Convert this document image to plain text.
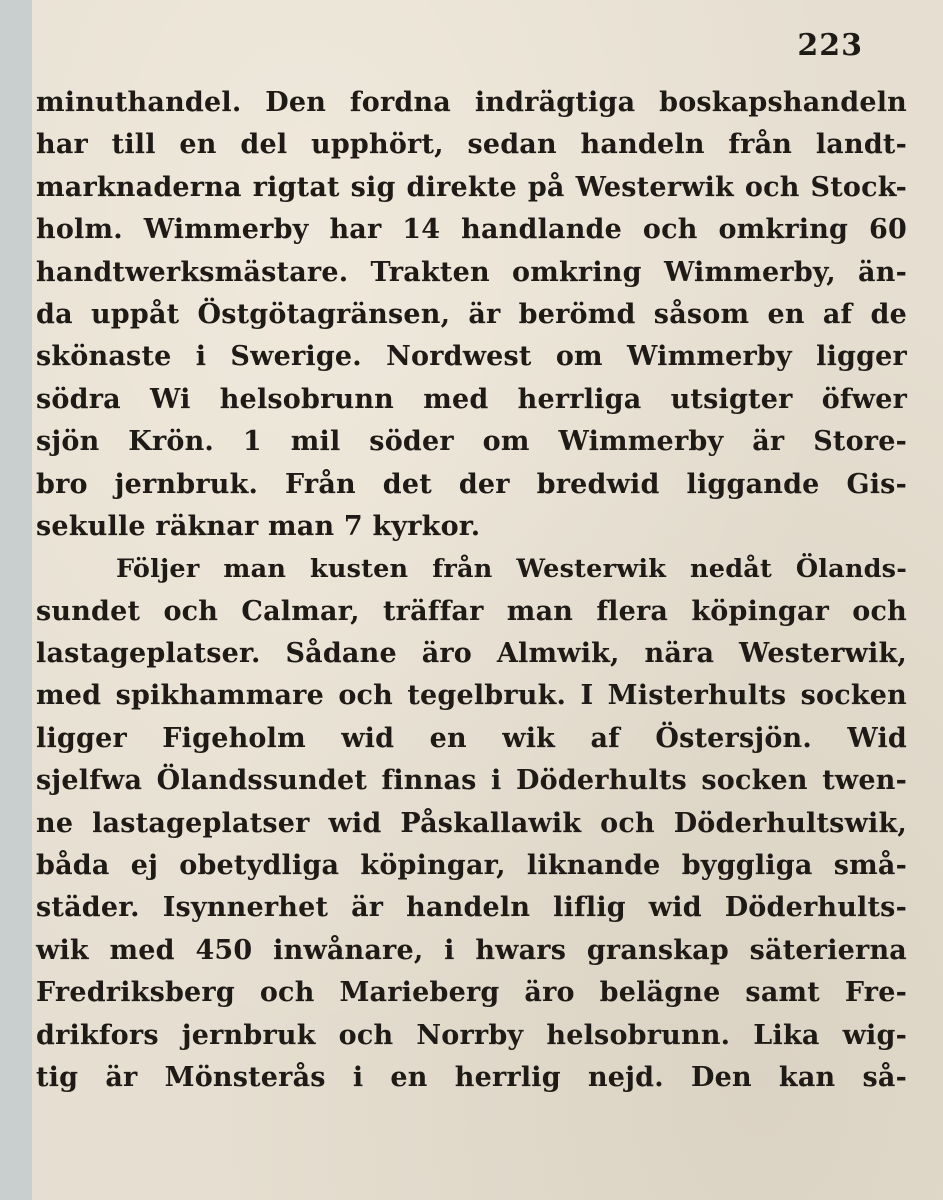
223
minuthandel. Den fordna indrägtiga boskapshandeln
har till en del upphört, sedan handeln från landt-
marknaderna rigtat sig direkte på Westerwik och Stock-
holm. Wimmerby har 14 handlande och omkring 60
handtwerksmästare. Trakten omkring Wimmerby, än-
da uppåt Östgötagränsen, är berömd såsom en af de
skönaste i Swerige. Nordwest om Wimmerby ligger
södra Wi helsobrunn med herrliga utsigter öfwer
sjön Krön. 1 mil söder om Wimmerby är Store-
bro jernbruk. Från det der bredwid liggande Gis-
sekulle räknar man 7 kyrkor.
Följer man kusten från Westerwik nedåt Ölands-
sundet och Calmar, träffar man flera köpingar och
lastageplatser. Sådane äro Almwik, nära Westerwik,
med spikhammare och tegelbruk. I Misterhults socken
ligger Figeholm wid en wik af Östersjön. Wid
sjelfwa Ölandssundet finnas i Döderhults socken twen-
ne lastageplatser wid Påskallawik och Döderhultswik,
båda ej obetydliga köpingar, liknande byggliga små-
städer. Isynnerhet är handeln liflig wid Döderhults-
wik med 450 inwånare, i hwars granskap säterierna
Fredriksberg och Marieberg äro belägne samt Fre-
drikfors jernbruk och Norrby helsobrunn. Lika wig-
tig är Mönsterås i en herrlig nejd. Den kan så-
